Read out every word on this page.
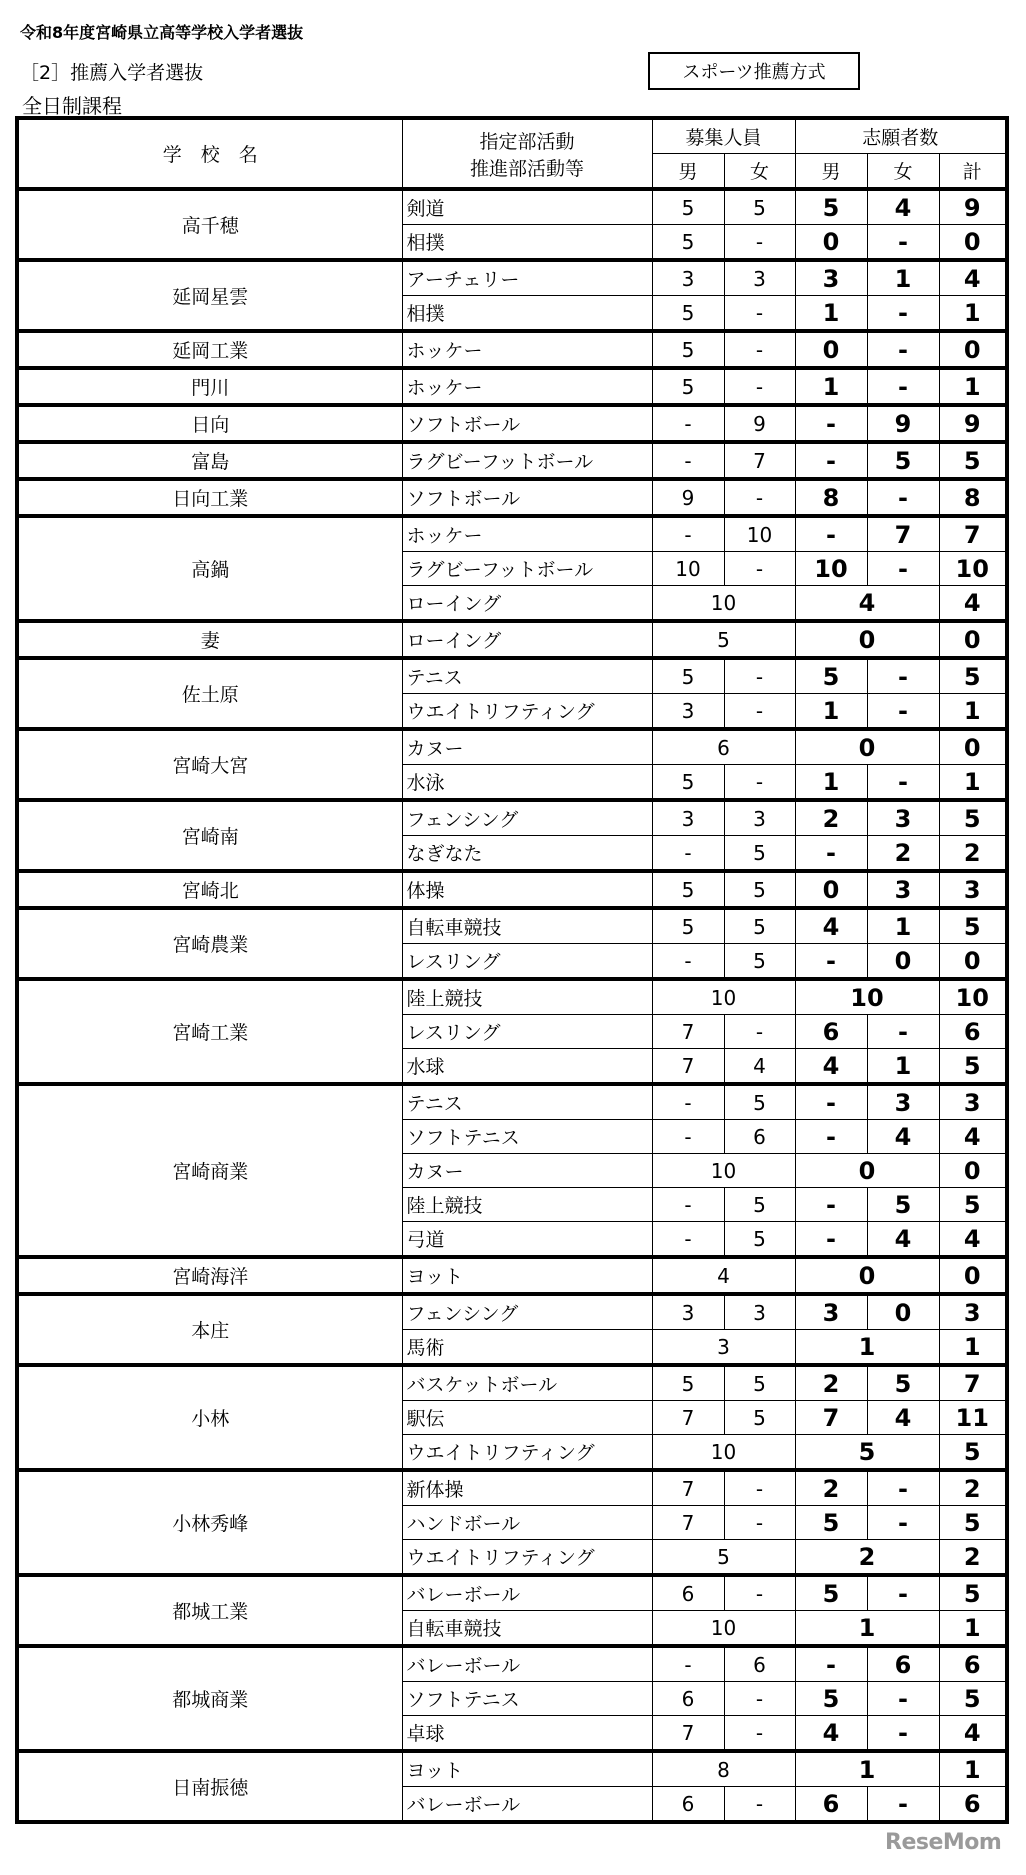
令和8年度宮崎県立高等学校入学者選抜
［2］推薦入学者選抜
全日制課程
スポーツ推薦方式
学　校　名	指定部活動
推進部活動等	募集人員		志願者数		
		男	女	男	女	計
高千穂	剣道	5	5	5	4	9
	相撲	5	-	0	-	0
延岡星雲	アーチェリー	3	3	3	1	4
	相撲	5	-	1	-	1
延岡工業	ホッケー	5	-	0	-	0
門川	ホッケー	5	-	1	-	1
日向	ソフトボール	-	9	-	9	9
富島	ラグビーフットボール	-	7	-	5	5
日向工業	ソフトボール	9	-	8	-	8
高鍋	ホッケー	-	10	-	7	7
	ラグビーフットボール	10	-	10	-	10
	ローイング	10		4		4
妻	ローイング	5		0		0
佐土原	テニス	5	-	5	-	5
	ウエイトリフティング	3	-	1	-	1
宮崎大宮	カヌー	6		0		0
	水泳	5	-	1	-	1
宮崎南	フェンシング	3	3	2	3	5
	なぎなた	-	5	-	2	2
宮崎北	体操	5	5	0	3	3
宮崎農業	自転車競技	5	5	4	1	5
	レスリング	-	5	-	0	0
宮崎工業	陸上競技	10		10		10
	レスリング	7	-	6	-	6
	水球	7	4	4	1	5
宮崎商業	テニス	-	5	-	3	3
	ソフトテニス	-	6	-	4	4
	カヌー	10		0		0
	陸上競技	-	5	-	5	5
	弓道	-	5	-	4	4
宮崎海洋	ヨット	4		0		0
本庄	フェンシング	3	3	3	0	3
	馬術	3		1		1
小林	バスケットボール	5	5	2	5	7
	駅伝	7	5	7	4	11
	ウエイトリフティング	10		5		5
小林秀峰	新体操	7	-	2	-	2
	ハンドボール	7	-	5	-	5
	ウエイトリフティング	5		2		2
都城工業	バレーボール	6	-	5	-	5
	自転車競技	10		1		1
都城商業	バレーボール	-	6	-	6	6
	ソフトテニス	6	-	5	-	5
	卓球	7	-	4	-	4
日南振徳	ヨット	8		1		1
	バレーボール	6	-	6	-	6
ReseMom
